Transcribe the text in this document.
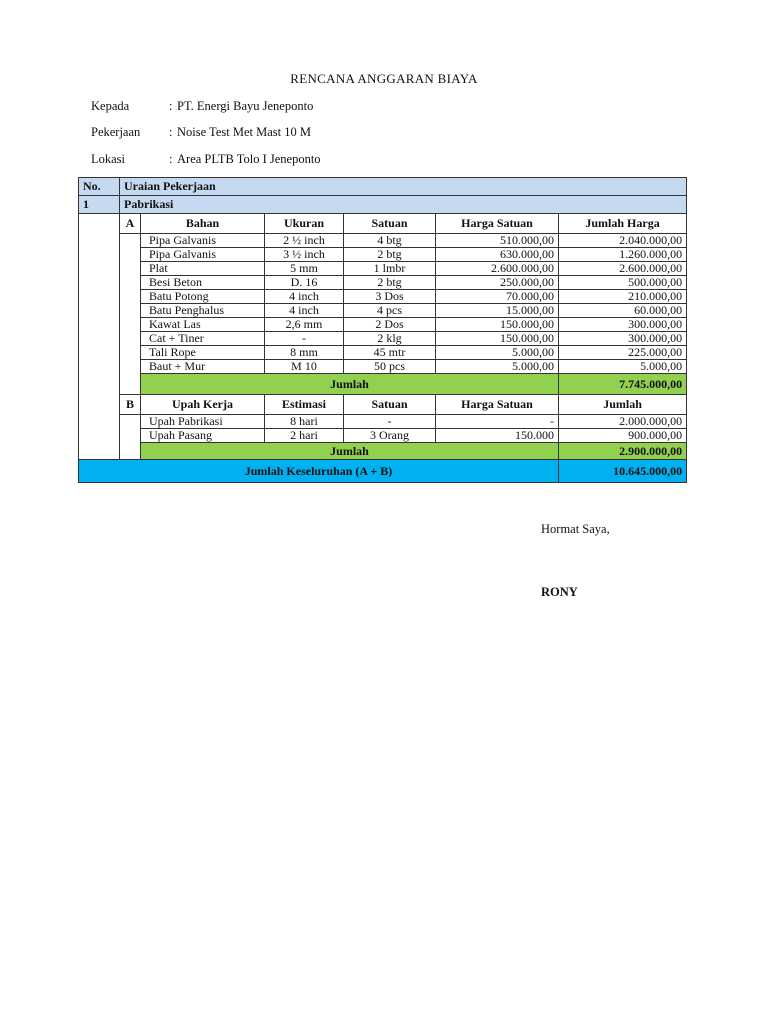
RENCANA ANGGARAN BIAYA
Kepada	: PT. Energi Bayu Jeneponto
Pekerjaan : Noise Test Met Mast 10 M
Lokasi	: Area PLTB Tolo I Jeneponto
No.	Uraian Pekerjaan					
1	Pabrikasi					
	A	Bahan	Ukuran	Satuan	Harga Satuan	Jumlah Harga
		Pipa Galvanis	2 ½ inch	4 btg	510.000,00	2.040.000,00
		Pipa Galvanis	3 ½ inch	2 btg	630.000,00	1.260.000,00
		Plat	5 mm	1 lmbr	2.600.000,00	2.600.000,00
		Besi Beton	D. 16	2 btg	250.000,00	500.000,00
		Batu Potong	4 inch	3 Dos	70.000,00	210.000,00
		Batu Penghalus	4 inch	4 pcs	15.000,00	60.000,00
		Kawat Las	2,6 mm	2 Dos	150.000,00	300.000,00
		Cat + Tiner	-	2 klg	150.000,00	300.000,00
		Tali Rope	8 mm	45 mtr	5.000,00	225.000,00
		Baut + Mur	M 10	50 pcs	5.000,00	5.000,00
		Jumlah				7.745.000,00
	B	Upah Kerja	Estimasi	Satuan	Harga Satuan	Jumlah
		Upah Pabrikasi	8 hari	-	-	2.000.000,00
		Upah Pasang	2 hari	3 Orang	150.000	900.000,00
		Jumlah				2.900.000,00
Jumlah Keseluruhan (A + B)						10.645.000,00
Hormat Saya,
RONY
